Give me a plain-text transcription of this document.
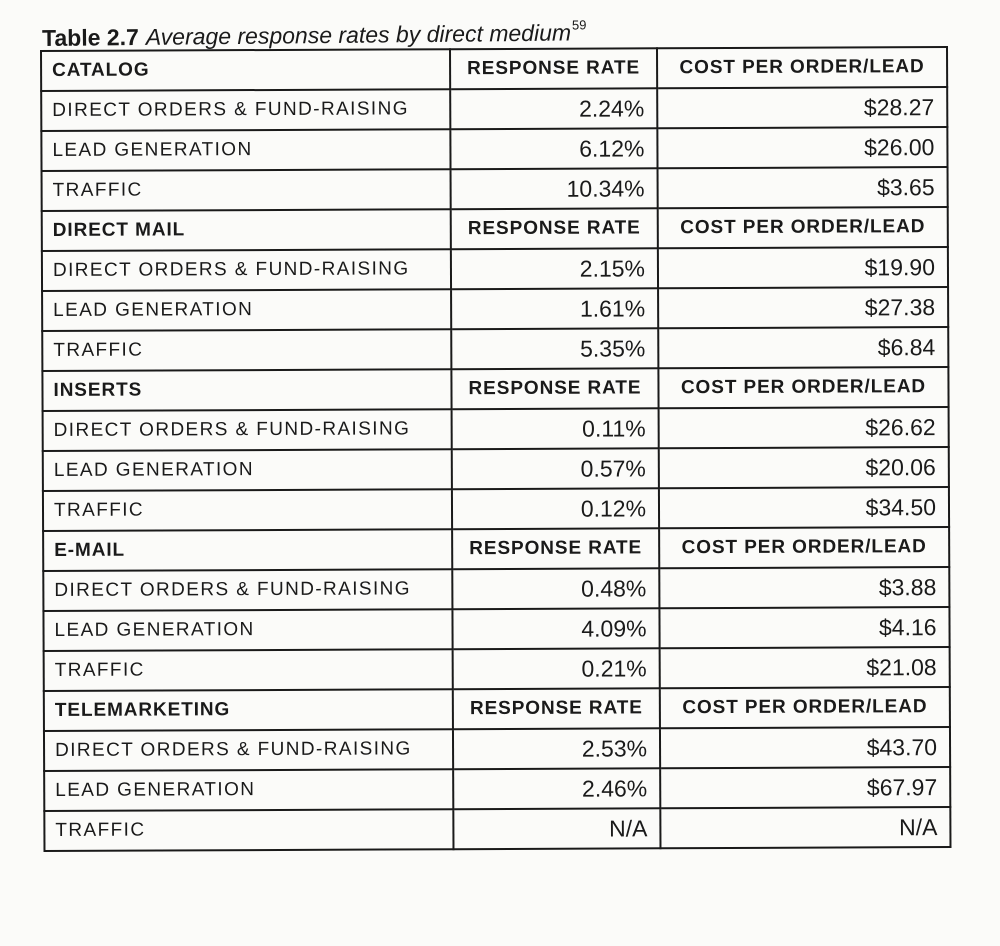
Table 2.7 Average response rates by direct medium$^{59}$
CATALOG	RESPONSE RATE	COST PER ORDER/LEAD
DIRECT ORDERS & FUND-RAISING	2.24%	$28.27
LEAD GENERATION	6.12%	$26.00
TRAFFIC	10.34%	$3.65
DIRECT MAIL	RESPONSE RATE	COST PER ORDER/LEAD
DIRECT ORDERS & FUND-RAISING	2.15%	$19.90
LEAD GENERATION	1.61%	$27.38
TRAFFIC	5.35%	$6.84
INSERTS	RESPONSE RATE	COST PER ORDER/LEAD
DIRECT ORDERS & FUND-RAISING	0.11%	$26.62
LEAD GENERATION	0.57%	$20.06
TRAFFIC	0.12%	$34.50
E-MAIL	RESPONSE RATE	COST PER ORDER/LEAD
DIRECT ORDERS & FUND-RAISING	0.48%	$3.88
LEAD GENERATION	4.09%	$4.16
TRAFFIC	0.21%	$21.08
TELEMARKETING	RESPONSE RATE	COST PER ORDER/LEAD
DIRECT ORDERS & FUND-RAISING	2.53%	$43.70
LEAD GENERATION	2.46%	$67.97
TRAFFIC	N/A	N/A
